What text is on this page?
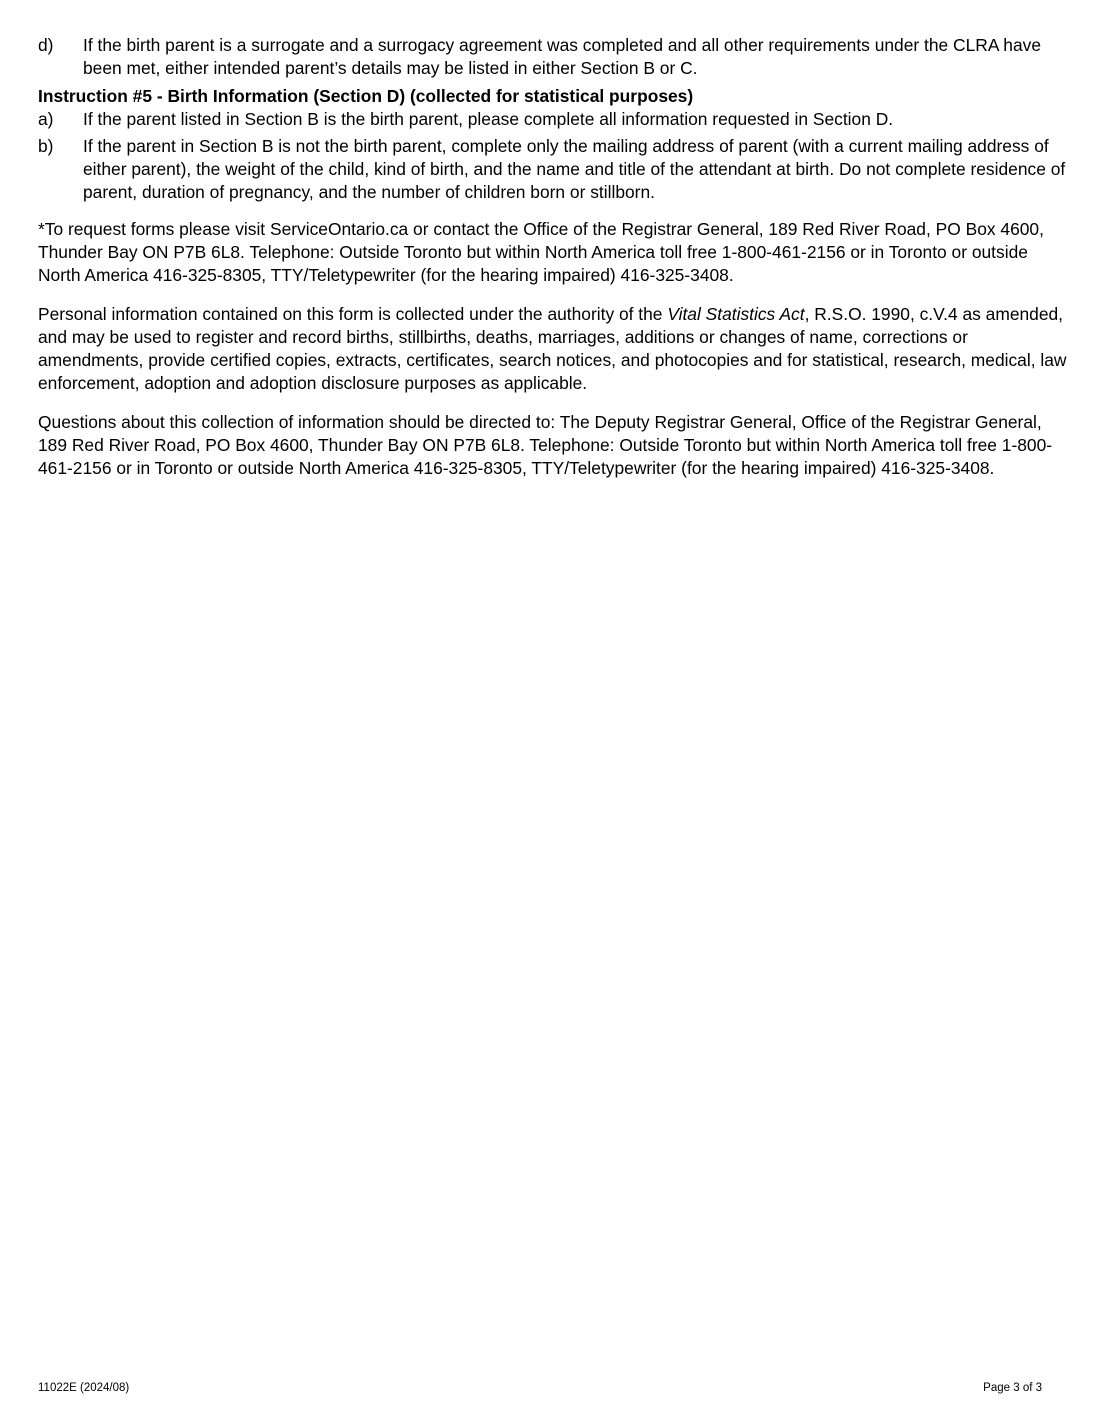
d)	If the birth parent is a surrogate and a surrogacy agreement was completed and all other requirements under the CLRA have been met, either intended parent’s details may be listed in either Section B or C.
Instruction #5 - Birth Information (Section D) (collected for statistical purposes)
a)	If the parent listed in Section B is the birth parent, please complete all information requested in Section D.
b)	If the parent in Section B is not the birth parent, complete only the mailing address of parent (with a current mailing address of either parent), the weight of the child, kind of birth, and the name and title of the attendant at birth. Do not complete residence of parent, duration of pregnancy, and the number of children born or stillborn.

*To request forms please visit ServiceOntario.ca or contact the Office of the Registrar General, 189 Red River Road, PO Box 4600, Thunder Bay ON P7B 6L8. Telephone: Outside Toronto but within North America toll free 1-800-461-2156 or in Toronto or outside North America 416-325-8305, TTY/Teletypewriter (for the hearing impaired) 416-325-3408.

Personal information contained on this form is collected under the authority of the Vital Statistics Act, R.S.O. 1990, c.V.4 as amended, and may be used to register and record births, stillbirths, deaths, marriages, additions or changes of name, corrections or amendments, provide certified copies, extracts, certificates, search notices, and photocopies and for statistical, research, medical, law enforcement, adoption and adoption disclosure purposes as applicable.

Questions about this collection of information should be directed to: The Deputy Registrar General, Office of the Registrar General, 189 Red River Road, PO Box 4600, Thunder Bay ON P7B 6L8. Telephone: Outside Toronto but within North America toll free 1-800-461-2156 or in Toronto or outside North America 416-325-8305, TTY/Teletypewriter (for the hearing impaired) 416-325-3408.

11022E (2024/08)	Page 3 of 3
